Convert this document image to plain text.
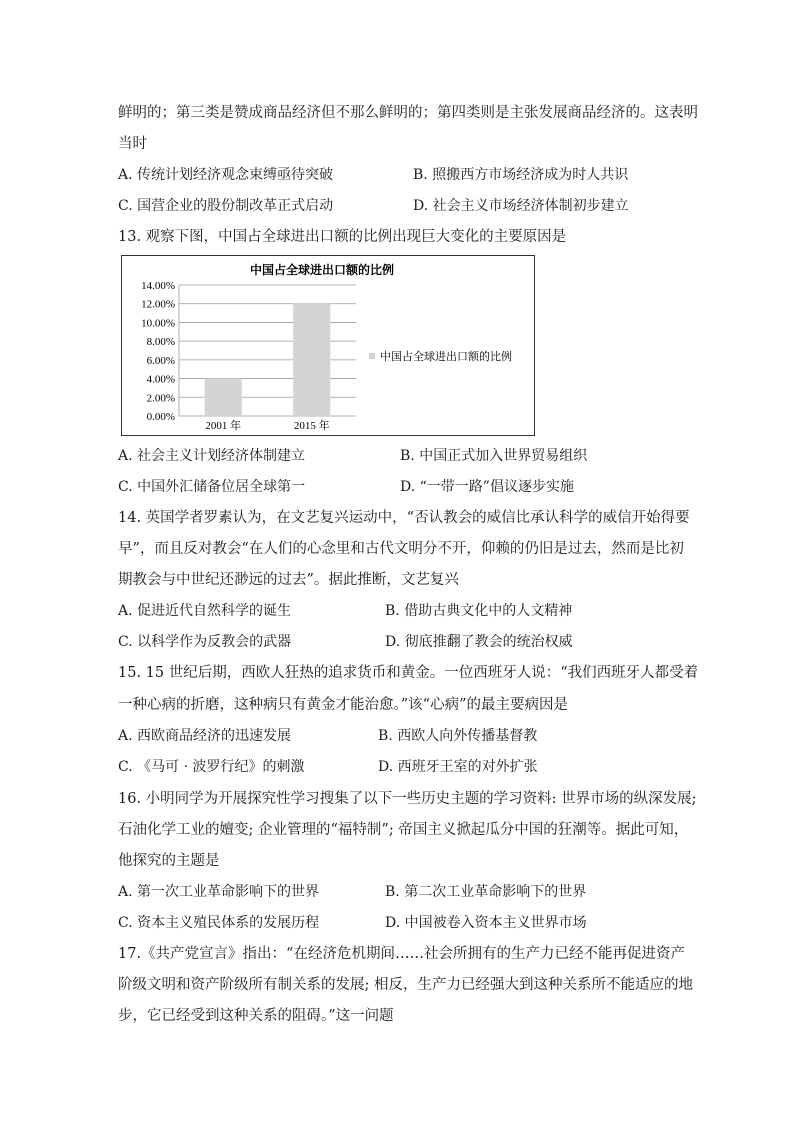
鲜明的；第三类是赞成商品经济但不那么鲜明的；第四类则是主张发展商品经济的。这表明
当时
A. 传统计划经济观念束缚亟待突破	B. 照搬西方市场经济成为时人共识
C. 国营企业的股份制改革正式启动	D. 社会主义市场经济体制初步建立
13. 观察下图，中国占全球进出口额的比例出现巨大变化的主要原因是
中国占全球进出口额的比例
0.00%
2.00%
4.00%
6.00%
8.00%
10.00%
12.00%
14.00%
2001 年	2015 年
中国占全球进出口额的比例
A. 社会主义计划经济体制建立	B. 中国正式加入世界贸易组织
C. 中国外汇储备位居全球第一	D. “一带一路”倡议逐步实施
14. 英国学者罗素认为，在文艺复兴运动中，“否认教会的威信比承认科学的威信开始得要
早”，而且反对教会“在人们的心念里和古代文明分不开，仰赖的仍旧是过去，然而是比初
期教会与中世纪还渺远的过去”。据此推断，文艺复兴
A. 促进近代自然科学的诞生	B. 借助古典文化中的人文精神
C. 以科学作为反教会的武器	D. 彻底推翻了教会的统治权威
15. 15 世纪后期，西欧人狂热的追求货币和黄金。一位西班牙人说：“我们西班牙人都受着
一种心病的折磨，这种病只有黄金才能治愈。”该“心病”的最主要病因是
A. 西欧商品经济的迅速发展	B. 西欧人向外传播基督教
C. 《马可 · 波罗行纪》的刺激	D. 西班牙王室的对外扩张
16. 小明同学为开展探究性学习搜集了以下一些历史主题的学习资料: 世界市场的纵深发展;
石油化学工业的嬗变; 企业管理的“福特制”; 帝国主义掀起瓜分中国的狂潮等。据此可知，
他探究的主题是
A. 第一次工业革命影响下的世界	B. 第二次工业革命影响下的世界
C. 资本主义殖民体系的发展历程	D. 中国被卷入资本主义世界市场
17.《共产党宣言》指出：“在经济危机期间……社会所拥有的生产力已经不能再促进资产
阶级文明和资产阶级所有制关系的发展; 相反，生产力已经强大到这种关系所不能适应的地
步，它已经受到这种关系的阻碍。”这一问题
